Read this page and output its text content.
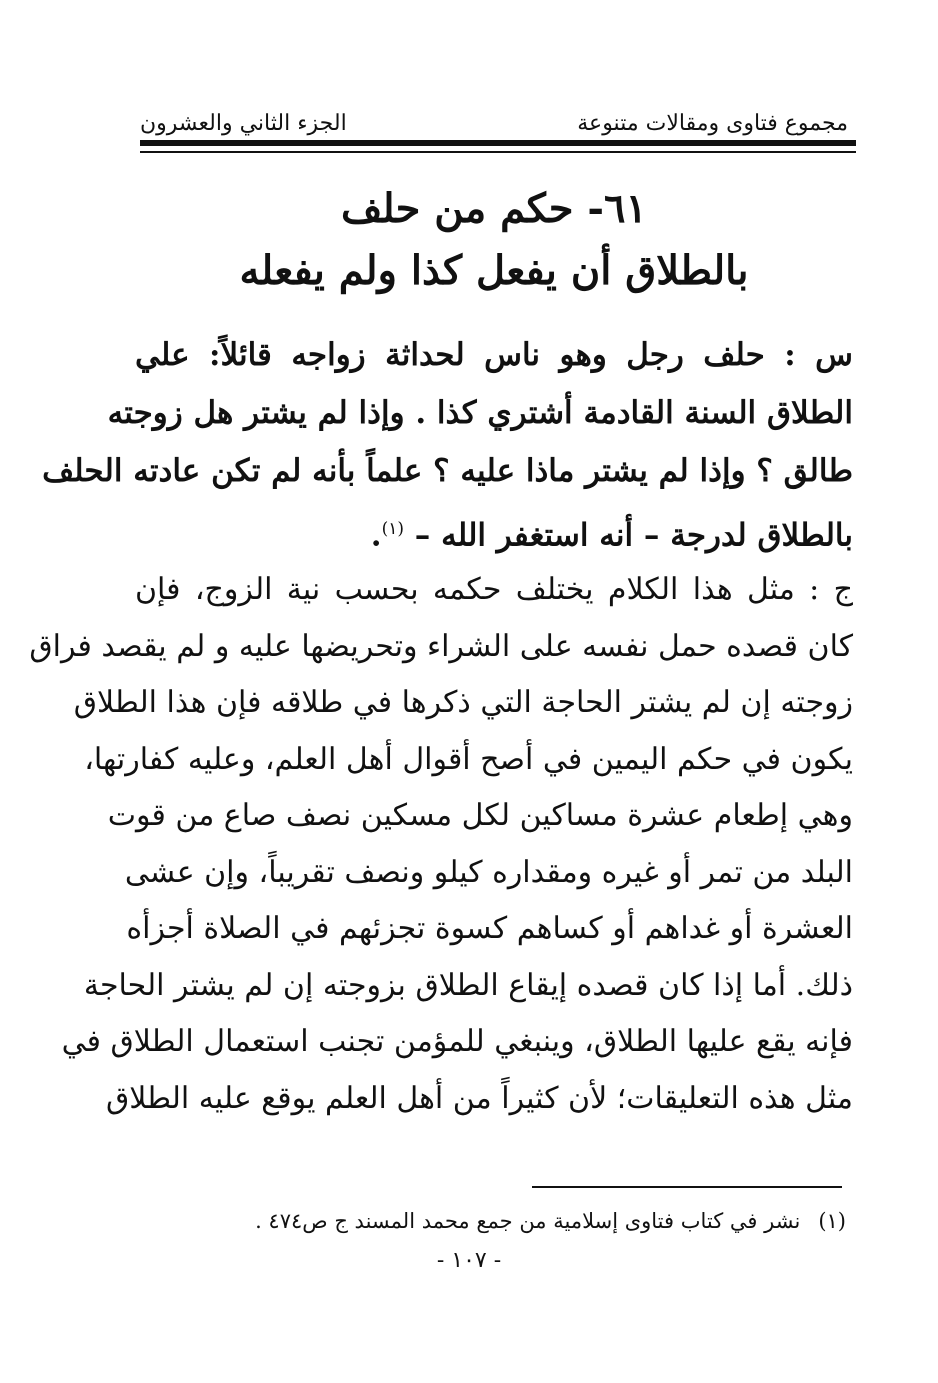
مجموع فتاوى ومقالات متنوعة
الجزء الثاني والعشرون
٦١- حكم من حلف
بالطلاق أن يفعل كذا ولم يفعله
س : حلف رجل وهو ناس لحداثة زواجه قائلاً: علي
الطلاق السنة القادمة أشتري كذا . وإذا لم يشتر هل زوجته
طالق ؟ وإذا لم يشتر ماذا عليه ؟ علماً بأنه لم تكن عادته الحلف
بالطلاق لدرجة – أنه استغفر الله – $^{(١)}$.
ج : مثل هذا الكلام يختلف حكمه بحسب نية الزوج، فإن
كان قصده حمل نفسه على الشراء وتحريضها عليه و لم يقصد فراق
زوجته إن لم يشتر الحاجة التي ذكرها في طلاقه فإن هذا الطلاق
يكون في حكم اليمين في أصح أقوال أهل العلم، وعليه كفارتها،
وهي إطعام عشرة مساكين لكل مسكين نصف صاع من قوت
البلد من تمر أو غيره ومقداره كيلو ونصف تقريباً، وإن عشى
العشرة أو غداهم أو كساهم كسوة تجزئهم في الصلاة أجزأه
ذلك. أما إذا كان قصده إيقاع الطلاق بزوجته إن لم يشتر الحاجة
فإنه يقع عليها الطلاق، وينبغي للمؤمن تجنب استعمال الطلاق في
مثل هذه التعليقات؛ لأن كثيراً من أهل العلم يوقع عليه الطلاق
(١)نشر في كتاب فتاوى إسلامية من جمع محمد المسند ج ص٤٧٤ .
- ١٠٧ -
